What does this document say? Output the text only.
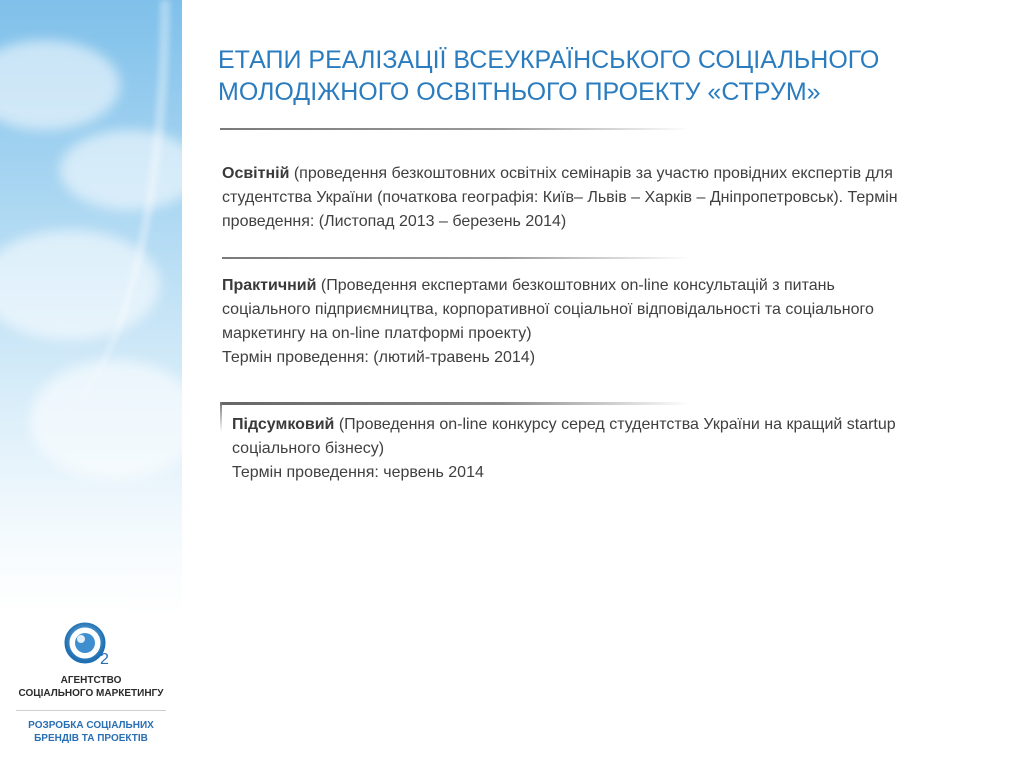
ЕТАПИ РЕАЛІЗАЦІЇ ВСЕУКРАЇНСЬКОГО СОЦІАЛЬНОГО МОЛОДІЖНОГО ОСВІТНЬОГО ПРОЕКТУ «СТРУМ»

Освітній (проведення безкоштовних освітніх семінарів за участю провідних експертів для студентства України (початкова географія: Київ– Львів – Харків – Дніпропетровськ). Термін проведення: (Листопад 2013 – березень 2014)

Практичний (Проведення експертами безкоштовних on-line консультацій з питань соціального підприємництва, корпоративної соціальної відповідальності та соціального маркетингу на on-line платформі проекту)
Термін проведення: (лютий-травень 2014)

Підсумковий (Проведення on-line конкурсу серед студентства України на кращий startup соціального бізнесу)
Термін проведення: червень 2014

2
АГЕНТСТВО
СОЦІАЛЬНОГО МАРКЕТИНГУ
РОЗРОБКА СОЦІАЛЬНИХ
БРЕНДІВ ТА ПРОЕКТІВ
